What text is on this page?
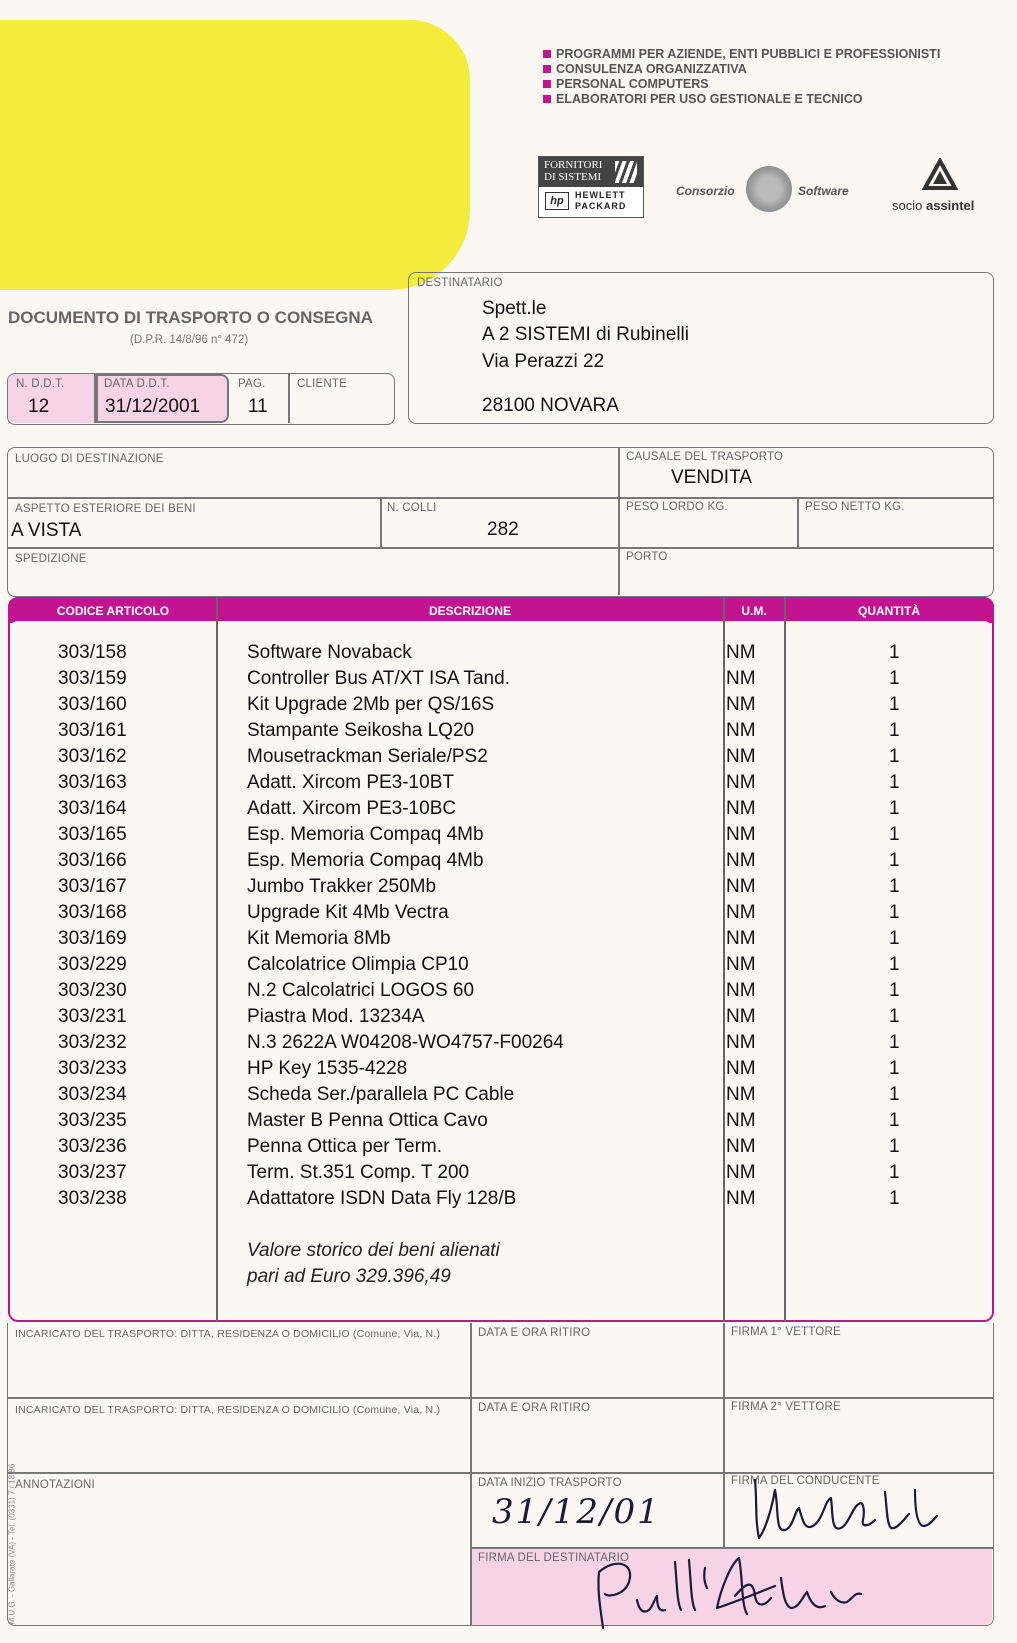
PROGRAMMI PER AZIENDE, ENTI PUBBLICI E PROFESSIONISTI
CONSULENZA ORGANIZZATIVA
PERSONAL COMPUTERS
ELABORATORI PER USO GESTIONALE E TECNICO
FORNITORI
DI SISTEMI
hp	HEWLETT
PACKARD
Consorzio	Software
socio assintel
DOCUMENTO DI TRASPORTO O CONSEGNA
(D.P.R. 14/8/96 n° 472)
N. D.D.T.
12
DATA D.D.T.
31/12/2001
PAG.
11
CLIENTE
DESTINATARIO
Spett.le
A 2 SISTEMI di Rubinelli
Via Perazzi 22
28100 NOVARA
LUOGO DI DESTINAZIONE	CAUSALE DEL TRASPORTO
VENDITA
ASPETTO ESTERIORE DEI BENI
A VISTA
N. COLLI
282
PESO LORDO KG.	PESO NETTO KG.
SPEDIZIONE	PORTO
CODICE ARTICOLO	DESCRIZIONE	U.M.	QUANTITÀ
303/158	Software Novaback	NM	1
303/159	Controller Bus AT/XT ISA Tand.	NM	1
303/160	Kit Upgrade 2Mb per QS/16S	NM	1
303/161	Stampante Seikosha LQ20	NM	1
303/162	Mousetrackman Seriale/PS2	NM	1
303/163	Adatt. Xircom PE3-10BT	NM	1
303/164	Adatt. Xircom PE3-10BC	NM	1
303/165	Esp. Memoria Compaq 4Mb	NM	1
303/166	Esp. Memoria Compaq 4Mb	NM	1
303/167	Jumbo Trakker 250Mb	NM	1
303/168	Upgrade Kit 4Mb Vectra	NM	1
303/169	Kit Memoria 8Mb	NM	1
303/229	Calcolatrice Olimpia CP10	NM	1
303/230	N.2 Calcolatrici LOGOS 60	NM	1
303/231	Piastra Mod. 13234A	NM	1
303/232	N.3 2622A W04208-WO4757-F00264	NM	1
303/233	HP Key 1535-4228	NM	1
303/234	Scheda Ser./parallela PC Cable	NM	1
303/235	Master B Penna Ottica Cavo	NM	1
303/236	Penna Ottica per Term.	NM	1
303/237	Term. St.351 Comp. T 200	NM	1
303/238	Adattatore ISDN Data Fly 128/B	NM	1
Valore storico dei beni alienati
pari ad Euro 329.396,49
INCARICATO DEL TRASPORTO: DITTA, RESIDENZA O DOMICILIO (Comune, Via, N.)	DATA E ORA RITIRO	FIRMA 1° VETTORE
INCARICATO DEL TRASPORTO: DITTA, RESIDENZA O DOMICILIO (Comune, Via, N.)	DATA E ORA RITIRO	FIRMA 2° VETTORE
ANNOTAZIONI	DATA INIZIO TRASPORTO	FIRMA DEL CONDUCENTE
FIRMA DEL DESTINATARIO
31/12/01
M.U.G. - Gallarate (VA) - Tel. (0331) 7 / 18.86
